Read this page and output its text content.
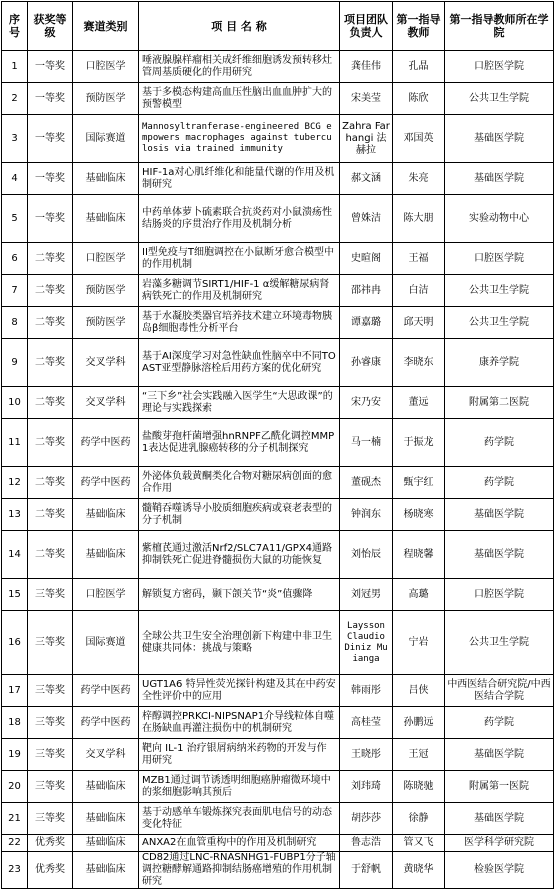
序号	获奖等级	赛道类别	项 目 名 称	项目团队负责人	第一指导教师	第一指导教师所在学院
1	一等奖	口腔医学	唾液腺腺样瘤相关成纤维细胞诱发预转移灶管周基质硬化的作用研究	龚佳伟	孔晶	口腔医学院
2	一等奖	预防医学	基于多模态构建高血压性脑出血血肿扩大的预警模型	宋美莹	陈欣	公共卫生学院
3	一等奖	国际赛道	Mannosyltranferase-engineered BCG empowers macrophages against tuberculosis via trained immunity	Zahra Farhangi 法赫拉	邓国英	基础医学院
4	一等奖	基础临床	HIF-1a对心肌纤维化和能量代谢的作用及机制研究	郝文涵	朱亮	基础医学院
5	一等奖	基础临床	中药单体萝卜硫素联合抗炎药对小鼠溃疡性结肠炎的序贯治疗作用及机制分析	曾姝洁	陈大朋	实验动物中心
6	二等奖	口腔医学	II型免疫与T细胞调控在小鼠断牙愈合模型中的作用机制	史暄阁	王福	口腔医学院
7	二等奖	预防医学	岩藻多糖调节SIRT1/HIF-1 α缓解糖尿病肾病铁死亡的作用及机制研究	邵祎冉	白洁	公共卫生学院
8	二等奖	预防医学	基于水凝胶类器官培养技术建立环境毒物胰岛β细胞毒性分析平台	谭嘉璐	邱天明	公共卫生学院
9	二等奖	交叉学科	基于AI深度学习对急性缺血性脑卒中不同TOAST亚型静脉溶栓后用药方案的优化研究	孙睿康	李晓东	康养学院
10	二等奖	交叉学科	“三下乡”社会实践融入医学生“大思政课”的理论与实践探索	宋乃安	董远	附属第二医院
11	二等奖	药学中医药	盐酸芽孢杆菌增强hnRNPF乙酰化调控MMP1表达促进乳腺癌转移的分子机制探究	马一楠	于振龙	药学院
12	二等奖	药学中医药	外泌体负载黄酮类化合物对糖尿病创面的愈合作用	董砚杰	甄宇红	药学院
13	二等奖	基础临床	髓鞘吞噬诱导小胶质细胞疾病或衰老表型的分子机制	钟润东	杨晓寒	基础医学院
14	二等奖	基础临床	紫檀芪通过激活Nrf2/SLC7A11/GPX4通路抑制铁死亡促进脊髓损伤大鼠的功能恢复	刘怡辰	程晓馨	基础医学院
15	三等奖	口腔医学	解锁复方密码，颞下颌关节“炎”值骤降	刘冠男	高璐	口腔医学院
16	三等奖	国际赛道	全球公共卫生安全治理创新下构建中非卫生健康共同体：挑战与策略	Laysson Claudio Diniz Muianga	宁岩	公共卫生学院
17	三等奖	药学中医药	UGT1A6 特异性荧光探针构建及其在中药安全性评价中的应用	韩雨彤	吕侠	中西医结合研究院/中西医结合学院
18	三等奖	药学中医药	梓醇调控PRKCI-NIPSNAP1介导线粒体自噬在肠缺血再灌注损伤中的机制研究	高桂莹	孙鹏远	药学院
19	三等奖	交叉学科	靶向 IL-1 治疗银屑病纳米药物的开发与作用研究	王晓彤	王冠	基础医学院
20	三等奖	基础临床	MZB1通过调节诱透明细胞癌肿瘤微环境中的浆细胞影响其预后	刘玮琦	陈晓驰	附属第一医院
21	三等奖	基础临床	基于动感单车锻炼探究表面肌电信号的动态变化特征	胡莎莎	徐静	基础医学院
22	优秀奖	基础临床	ANXA2在血管重构中的作用及机制研究	鲁志浩	管又飞	医学科学研究院
23	优秀奖	基础临床	CD82通过LNC-RNASNHG1-FUBP1分子轴调控糖酵解通路抑制结肠癌增殖的作用机制研究	于舒帆	黄晓华	检验医学院
